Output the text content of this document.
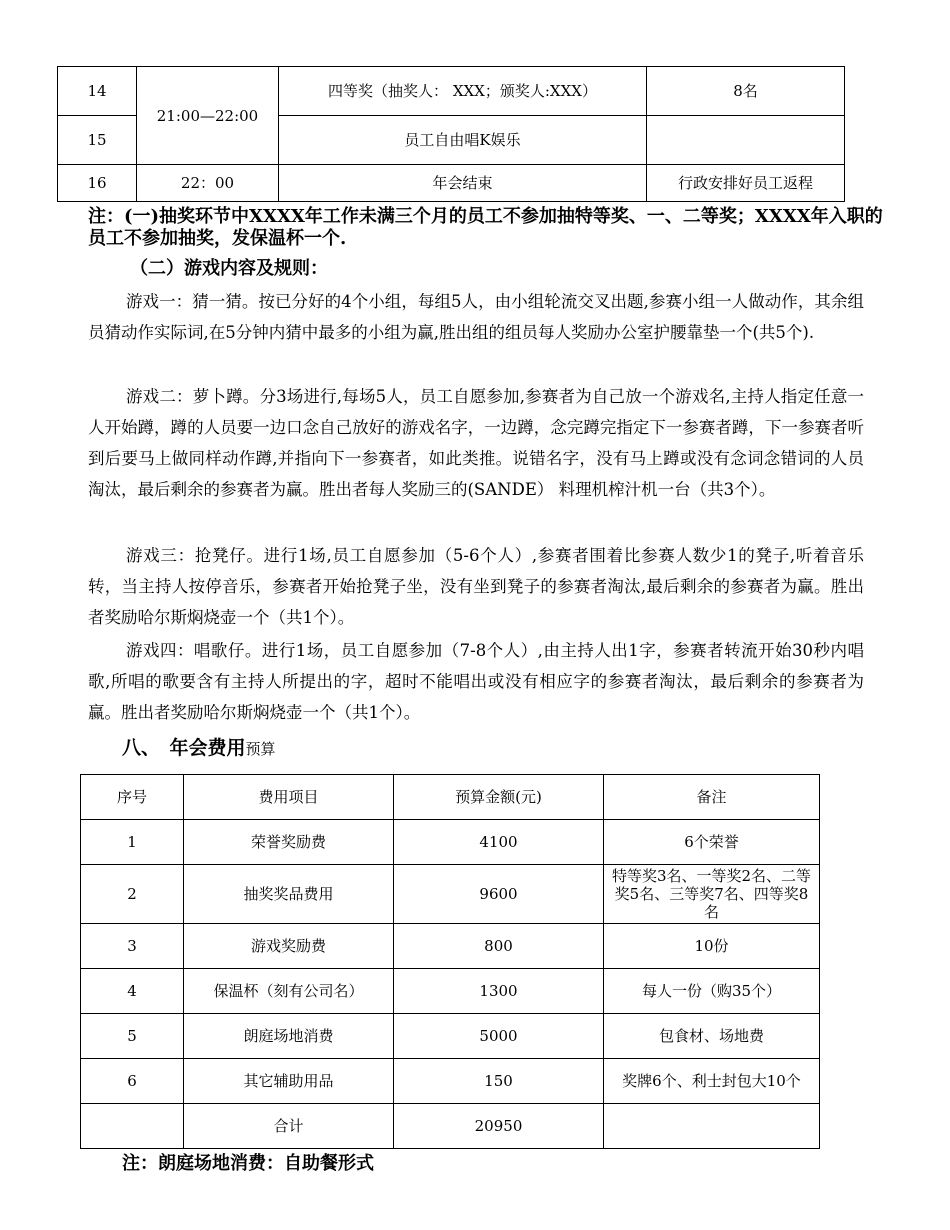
14	21:00—22:00	四等奖（抽奖人： XXX；颁奖人:XXX）	8名
15		员工自由唱K娱乐	
16	22：00	年会结束	行政安排好员工返程
注：(一)抽奖环节中XXXX年工作未满三个月的员工不参加抽特等奖、一、二等奖；XXXX年入职的员工不参加抽奖，发保温杯一个.
（二）游戏内容及规则：

游戏一：猜一猜。按已分好的4个小组，每组5人，由小组轮流交叉出题,参赛小组一人做动作，其余组员猜动作实际词,在5分钟内猜中最多的小组为赢,胜出组的组员每人奖励办公室护腰靠垫一个(共5个).

游戏二：萝卜蹲。分3场进行,每场5人，员工自愿参加,参赛者为自己放一个游戏名,主持人指定任意一人开始蹲，蹲的人员要一边口念自己放好的游戏名字，一边蹲，念完蹲完指定下一参赛者蹲，下一参赛者听到后要马上做同样动作蹲,并指向下一参赛者，如此类推。说错名字，没有马上蹲或没有念词念错词的人员淘汰，最后剩余的参赛者为赢。胜出者每人奖励三的(SANDE） 料理机榨汁机一台（共3个）。

游戏三：抢凳仔。进行1场,员工自愿参加（5-6个人）,参赛者围着比参赛人数少1的凳子,听着音乐转，当主持人按停音乐，参赛者开始抢凳子坐，没有坐到凳子的参赛者淘汰,最后剩余的参赛者为赢。胜出者奖励哈尔斯焖烧壶一个（共1个）。

游戏四：唱歌仔。进行1场，员工自愿参加（7-8个人）,由主持人出1字，参赛者转流开始30秒内唱歌,所唱的歌要含有主持人所提出的字，超时不能唱出或没有相应字的参赛者淘汰，最后剩余的参赛者为赢。胜出者奖励哈尔斯焖烧壶一个（共1个）。

八、　年会费用预算
序号	费用项目	预算金额(元)	备注
1	荣誉奖励费	4100	6个荣誉
2	抽奖奖品费用	9600	特等奖3名、一等奖2名、二等奖5名、三等奖7名、四等奖8名
3	游戏奖励费	800	10份
4	保温杯（刻有公司名）	1300	每人一份（购35个）
5	朗庭场地消费	5000	包食材、场地费
6	其它辅助用品	150	奖牌6个、利士封包大10个
	合计	20950	
注：朗庭场地消费：自助餐形式
